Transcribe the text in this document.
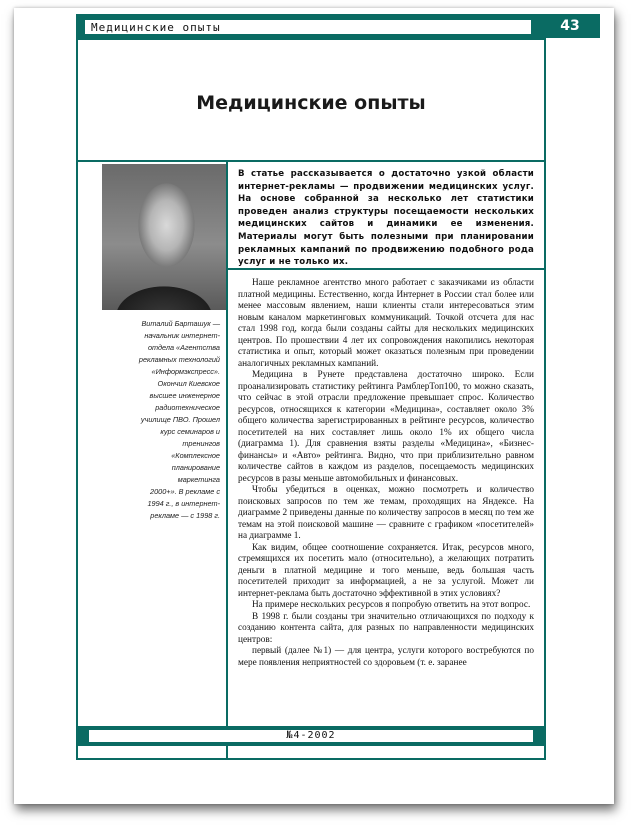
Медицинские опыты	43
Медицинские опыты
Виталий Барташук —
начальник интернет-
отдела «Агентства
рекламных технологий
«Информэкспресс».
Окончил Киевское
высшее инженерное
радиотехническое
училище ПВО. Прошел
курс семинаров и
тренингов
«Комплексное
планирование
маркетинга
2000+». В рекламе с
1994 г., в интернет-
рекламе — с 1998 г.
В статье рассказывается о достаточно узкой области интернет-рекламы — продвижении медицинских услуг. На основе собранной за несколько лет статистики проведен анализ структуры посещаемости нескольких медицинских сайтов и динамики ее изменения. Материалы могут быть полезными при планировании рекламных кампаний по продвижению подобного рода услуг и не только их.

Наше рекламное агентство много работает с заказчиками из области платной медицины. Естественно, когда Интернет в России стал более или менее массовым явлением, наши клиенты стали интересоваться этим новым каналом маркетинговых коммуникаций. Точкой отсчета для нас стал 1998 год, когда были созданы сайты для нескольких медицинских центров. По прошествии 4 лет их сопровождения накопились некоторая статистика и опыт, который может оказаться полезным при проведении аналогичных рекламных кампаний.

Медицина в Рунете представлена достаточно широко. Если проанализировать статистику рейтинга РамблерТоп100, то можно сказать, что сейчас в этой отрасли предложение превышает спрос. Количество ресурсов, относящихся к категории «Медицина», составляет около 3% общего количества зарегистрированных в рейтинге ресурсов, количество посетителей на них составляет лишь около 1% их общего числа (диаграмма 1). Для сравнения взяты разделы «Медицина», «Бизнес-финансы» и «Авто» рейтинга. Видно, что при приблизительно равном количестве сайтов в каждом из разделов, посещаемость медицинских ресурсов в разы меньше автомобильных и финансовых.

Чтобы убедиться в оценках, можно посмотреть и количество поисковых запросов по тем же темам, проходящих на Яндексе. На диаграмме 2 приведены данные по количеству запросов в месяц по тем же темам на этой поисковой машине — сравните с графиком «посетителей» на диаграмме 1.

Как видим, общее соотношение сохраняется. Итак, ресурсов много, стремящихся их посетить мало (относительно), а желающих потратить деньги в платной медицине и того меньше, ведь большая часть посетителей приходит за информацией, а не за услугой. Может ли интернет-реклама быть достаточно эффективной в этих условиях?

На примере нескольких ресурсов я попробую ответить на этот вопрос.

В 1998 г. были созданы три значительно отличающихся по подходу к созданию контента сайта, для разных по направленности медицинских центров:

первый (далее №1) — для центра, услуги которого востребуются по мере появления неприятностей со здоровьем (т. е. заранее

№4-2002
